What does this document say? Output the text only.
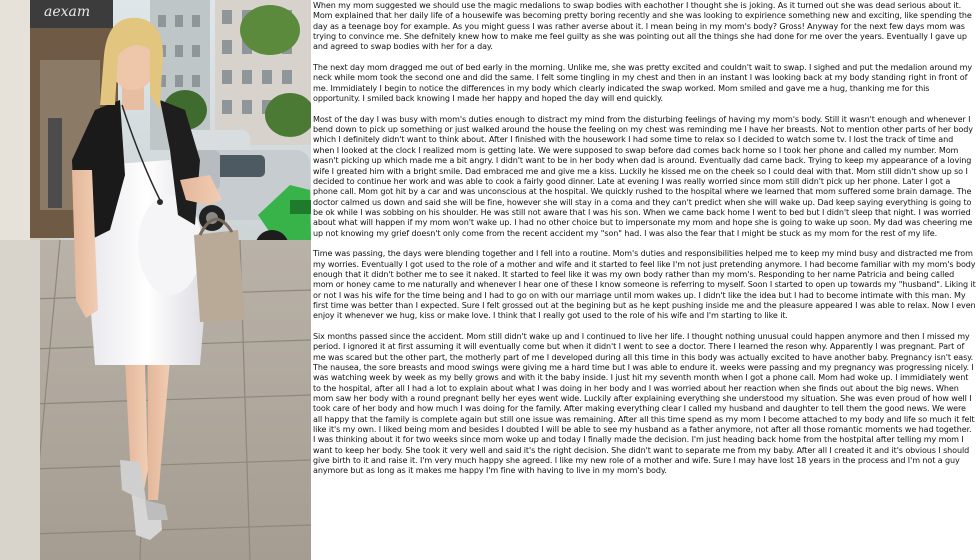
aexam	When my mom suggested we should use the magic medalions to swap bodies with eachother I thought she is joking. As it turned out she was dead serious about it. Mom explained that her daily life of a housewife was becoming pretty boring recently and she was looking to expirience something new and exciting, like spending the day as a teenage boy for example. As you might guess I was rather averse about it. I mean being in my mom's body? Gross! Anyway for the next few days mom was trying to convince me. She defnitely knew how to make me feel guilty as she was pointing out all the things she had done for me over the years. Eventually I gave up and agreed to swap bodies with her for a day.

The next day mom dragged me out of bed early in the morning. Unlike me, she was pretty excited and couldn't wait to swap. I sighed and put the medalion around my neck while mom took the second one and did the same. I felt some tingling in my chest and then in an instant I was looking back at my body standing right in front of me. Immidiately I begin to notice the differences in my body which clearly indicated the swap worked. Mom smiled and gave me a hug, thanking me for this opportunity. I smiled back knowing I made her happy and hoped the day will end quickly.

Most of the day I was busy with mom's duties enough to distract my mind from the disturbing feelings of having my mom's body. Still it wasn't enough and whenever I bend down to pick up something or just walked around the house the feeling on my chest was reminding me I have her breasts. Not to mention other parts of her body which I definitely didn't want to think about. After I finished with the housework I had some time to relax so I decided to watch some tv. I lost the track of time and when I looked at the clock I realized mom is getting late. We were supposed to swap before dad comes back home so I took her phone and called my number. Mom wasn't picking up which made me a bit angry. I didn't want to be in her body when dad is around. Eventually dad came back. Trying to keep my appearance of a loving wife I greated him with a bright smile. Dad embraced me and give me a kiss. Luckily he kissed me on the cheek so I could deal with that. Mom still didn't show up so I decided to continue her work and was able to cook a fairly good dinner. Late at evening I was really worried since mom still didn't pick up her phone. Later I got a phone call. Mom got hit by a car and was unconscious at the hospital. We quickly rushed to the hospital where we learned that mom suffered some brain damage. The doctor calmed us down and said she will be fine, however she will stay in a coma and they can't predict when she will wake up. Dad keep saying everything is going to be ok while I was sobbing on his shoulder. He was still not aware that I was his son. When we came back home I went to bed but I didn't sleep that night. I was worried about what will happen if my mom won't wake up. I had no other choice but to impersonate my mom and hope she is going to wake up soon. My dad was cheering me up not knowing my grief doesn't only come from the recent accident my "son" had. I was also the fear that I might be stuck as my mom for the rest of my life.

Time was passing, the days were blending together and I fell into a routine. Mom's duties and responsibilities helped me to keep my mind busy and distracted me from my worries. Eventually I got used to the role of a mother and wife and it started to feel like I'm not just pretending anymore. I had become familiar with my mom's body enough that it didn't bother me to see it naked. It started to feel like it was my own body rather than my mom's. Responding to her name Patricia and being called mom or honey came to me naturally and whenever I hear one of these I know someone is referring to myself. Soon I started to open up towards my "husband". Liking it or not I was his wife for the time being and I had to go on with our marriage until mom wakes up. I didn't like the idea but I had to become intimate with this man. My first time was better than I expected. Sure I felt grossed out at the begining but as he kept pushing inside me and the pleasure appeared I was able to relax. Now I even enjoy it whenever we hug, kiss or make love. I think that I really got used to the role of his wife and I'm starting to like it.

Six months passed since the accident. Mom still didn't wake up and I continued to live her life. I thought nothing unusual could happen anymore and then I missed my period. I ignored it at first assuming it will eventually come but when it didn't I went to see a doctor. There I learned the reson why. Apparently I was pregnant. Part of me was scared but the other part, the motherly part of me I developed during all this time in this body was actually excited to have another baby. Pregnancy isn't easy. The nausea, the sore breasts and mood swings were giving me a hard time but I was able to endure it. weeks were passing and my pregnancy was progressing nicely. I was watching week by week as my belly grows and with it the baby inside. I just hit my seventh month when I got a phone call. Mom had woke up. I immidiately went to the hospital, after all I had a lot to explain about what I was doing in her body and I was worried about her reaction when she finds out about the big news. When mom saw her body with a round pregnant belly her eyes went wide. Luckily after explaining everything she understood my situation. She was even proud of how well I took care of her body and how much I was doing for the family. After making everything clear I called my husband and daughter to tell them the good news. We were all happy that the family is complete again but still one issue was remaining. After all this time spend as my mom I become attached to my body and life so much it felt like it's my own. I liked being mom and besides I doubted I will be able to see my husband as a father anymore, not after all those romantic moments we had together. I was thinking about it for two weeks since mom woke up and today I finally made the decision. I'm just heading back home from the hostpital after telling my mom I want to keep her body. She took it very well and said it's the right decision. She didn't want to separate me from my baby. After all I created it and it's obvious I should give birth to it and raise it. I'm very much happy she agreed. I like my new role of a mother and wife. Sure I may have lost 18 years in the process and I'm not a guy anymore but as long as it makes me happy I'm fine with having to live in my mom's body.
